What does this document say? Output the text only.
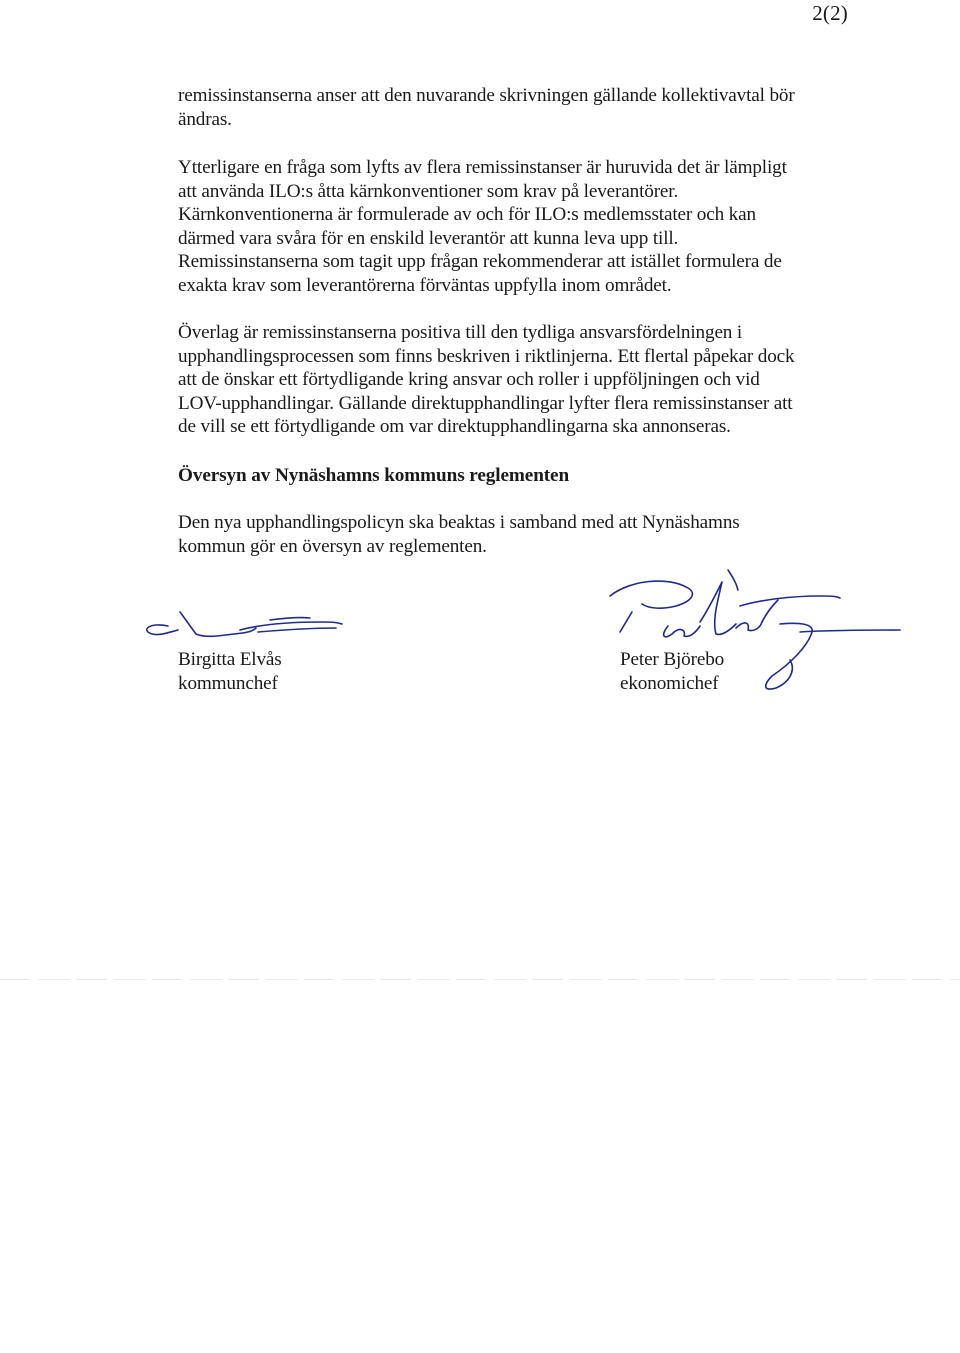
2(2)

remissinstanserna anser att den nuvarande skrivningen gällande kollektivavtal bör
ändras.

Ytterligare en fråga som lyfts av flera remissinstanser är huruvida det är lämpligt
att använda ILO:s åtta kärnkonventioner som krav på leverantörer.
Kärnkonventionerna är formulerade av och för ILO:s medlemsstater och kan
därmed vara svåra för en enskild leverantör att kunna leva upp till.
Remissinstanserna som tagit upp frågan rekommenderar att istället formulera de
exakta krav som leverantörerna förväntas uppfylla inom området.

Överlag är remissinstanserna positiva till den tydliga ansvarsfördelningen i
upphandlingsprocessen som finns beskriven i riktlinjerna. Ett flertal påpekar dock
att de önskar ett förtydligande kring ansvar och roller i uppföljningen och vid
LOV-upphandlingar. Gällande direktupphandlingar lyfter flera remissinstanser att
de vill se ett förtydligande om var direktupphandlingarna ska annonseras.

Översyn av Nynäshamns kommuns reglementen

Den nya upphandlingspolicyn ska beaktas i samband med att Nynäshamns
kommun gör en översyn av reglementen.

Birgitta Elvås
kommunchef
Peter Björebo
ekonomichef
